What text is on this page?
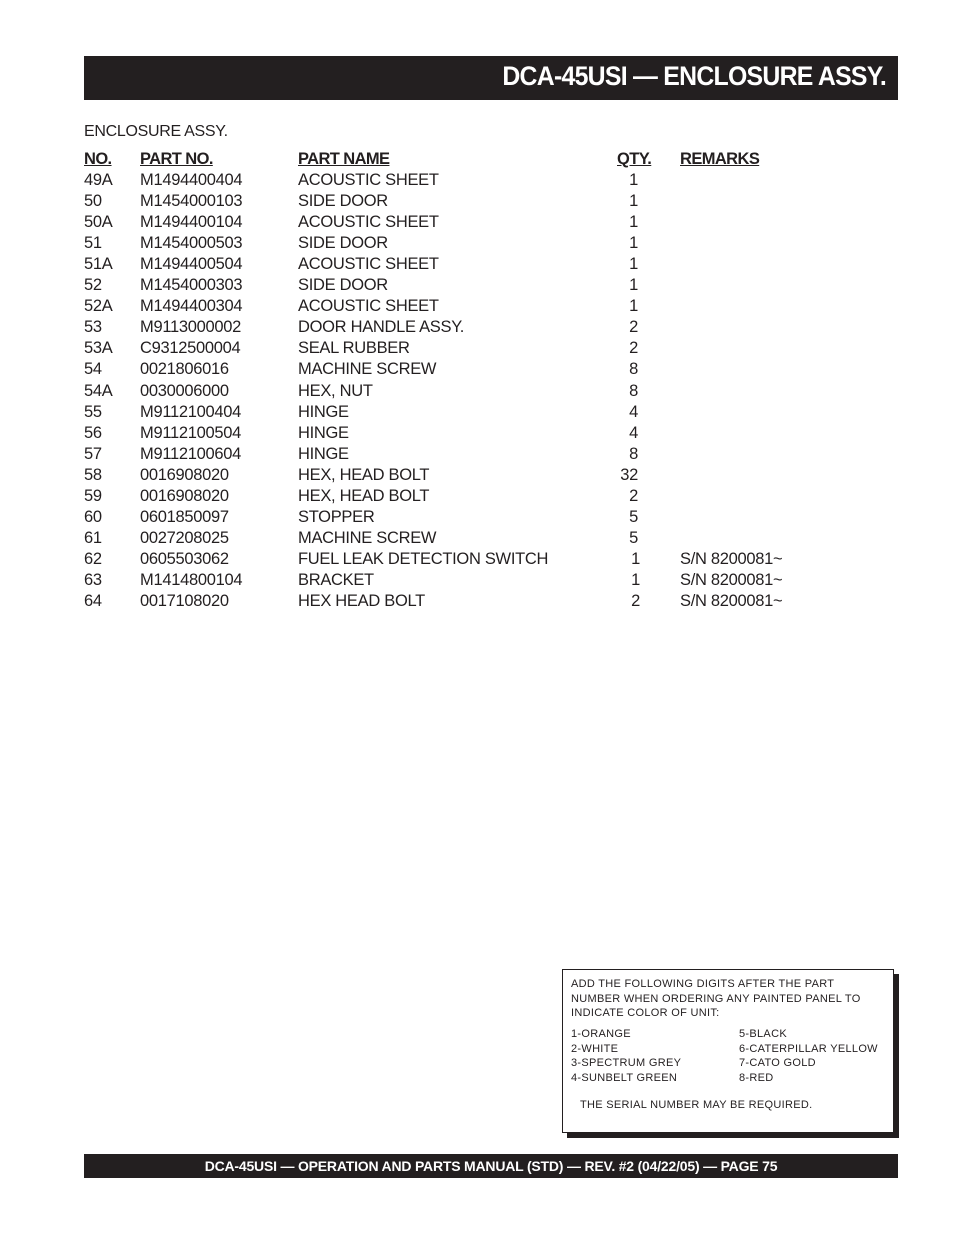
DCA-45USI — ENCLOSURE ASSY.
ENCLOSURE ASSY.
NO. PART NO.	PART NAME	QTY. REMARKS
49A M1494400404	ACOUSTIC SHEET	1
50 M1454000103	SIDE DOOR	1
50A M1494400104	ACOUSTIC SHEET	1
51 M1454000503	SIDE DOOR	1
51A M1494400504	ACOUSTIC SHEET	1
52 M1454000303	SIDE DOOR	1
52A M1494400304	ACOUSTIC SHEET	1
53 M9113000002	DOOR HANDLE ASSY.	2
53A C9312500004	SEAL RUBBER	2
54 0021806016	MACHINE SCREW	8
54A 0030006000	HEX, NUT	8
55 M9112100404	HINGE	4
56 M9112100504	HINGE	4
57 M9112100604	HINGE	8
58 0016908020	HEX, HEAD BOLT	32
59 0016908020	HEX, HEAD BOLT	2
60 0601850097	STOPPER	5
61 0027208025	MACHINE SCREW	5
62 0605503062	FUEL LEAK DETECTION SWITCH	1 S/N 8200081~
63 M1414800104	BRACKET	1 S/N 8200081~
64 0017108020	HEX HEAD BOLT	2 S/N 8200081~
ADD THE FOLLOWING DIGITS AFTER THE PART NUMBER WHEN ORDERING ANY PAINTED PANEL TO INDICATE COLOR OF UNIT:
1-ORANGE
2-WHITE
3-SPECTRUM GREY
4-SUNBELT GREEN
5-BLACK
6-CATERPILLAR YELLOW
7-CATO GOLD
8-RED
THE SERIAL NUMBER MAY BE REQUIRED.
DCA-45USI — OPERATION AND PARTS MANUAL (STD) — REV. #2 (04/22/05) — PAGE 75
